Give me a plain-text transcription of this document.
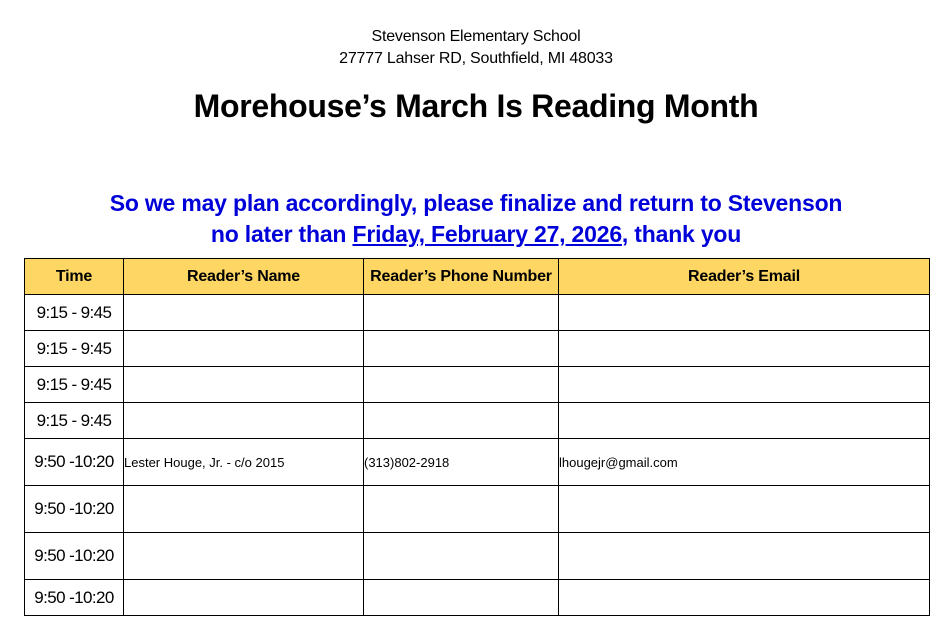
Stevenson Elementary School
27777 Lahser RD, Southfield, MI 48033
Morehouse’s March Is Reading Month
So we may plan accordingly, please finalize and return to Stevenson
no later than Friday, February 27, 2026, thank you
Time	Reader’s Name	Reader’s Phone Number	Reader’s Email
9:15 - 9:45			
9:15 - 9:45			
9:15 - 9:45			
9:15 - 9:45			
9:50 -10:20	Lester Houge, Jr. - c/o 2015	(313)802-2918	lhougejr@gmail.com
9:50 -10:20			
9:50 -10:20			
9:50 -10:20			
